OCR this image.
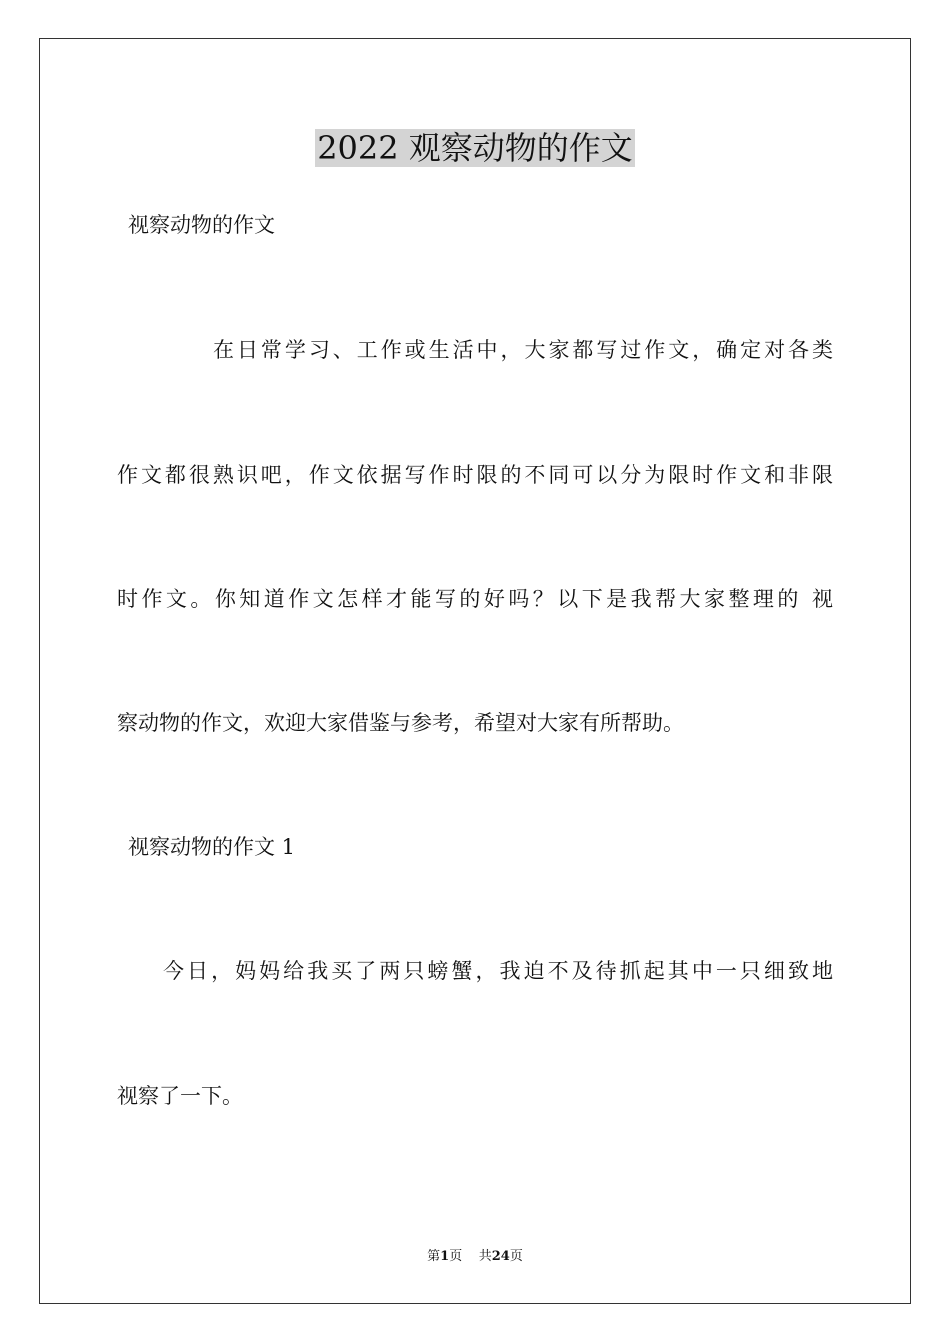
2022 观察动物的作文

视察动物的作文

在日常学习、工作或生活中，大家都写过作文，确定对各类

作文都很熟识吧，作文依据写作时限的不同可以分为限时作文和非限

时作文。你知道作文怎样才能写的好吗？以下是我帮大家整理的 视

察动物的作文，欢迎大家借鉴与参考，希望对大家有所帮助。

视察动物的作文 1

今日，妈妈给我买了两只螃蟹，我迫不及待抓起其中一只细致地

视察了一下。

第1页 共24页
